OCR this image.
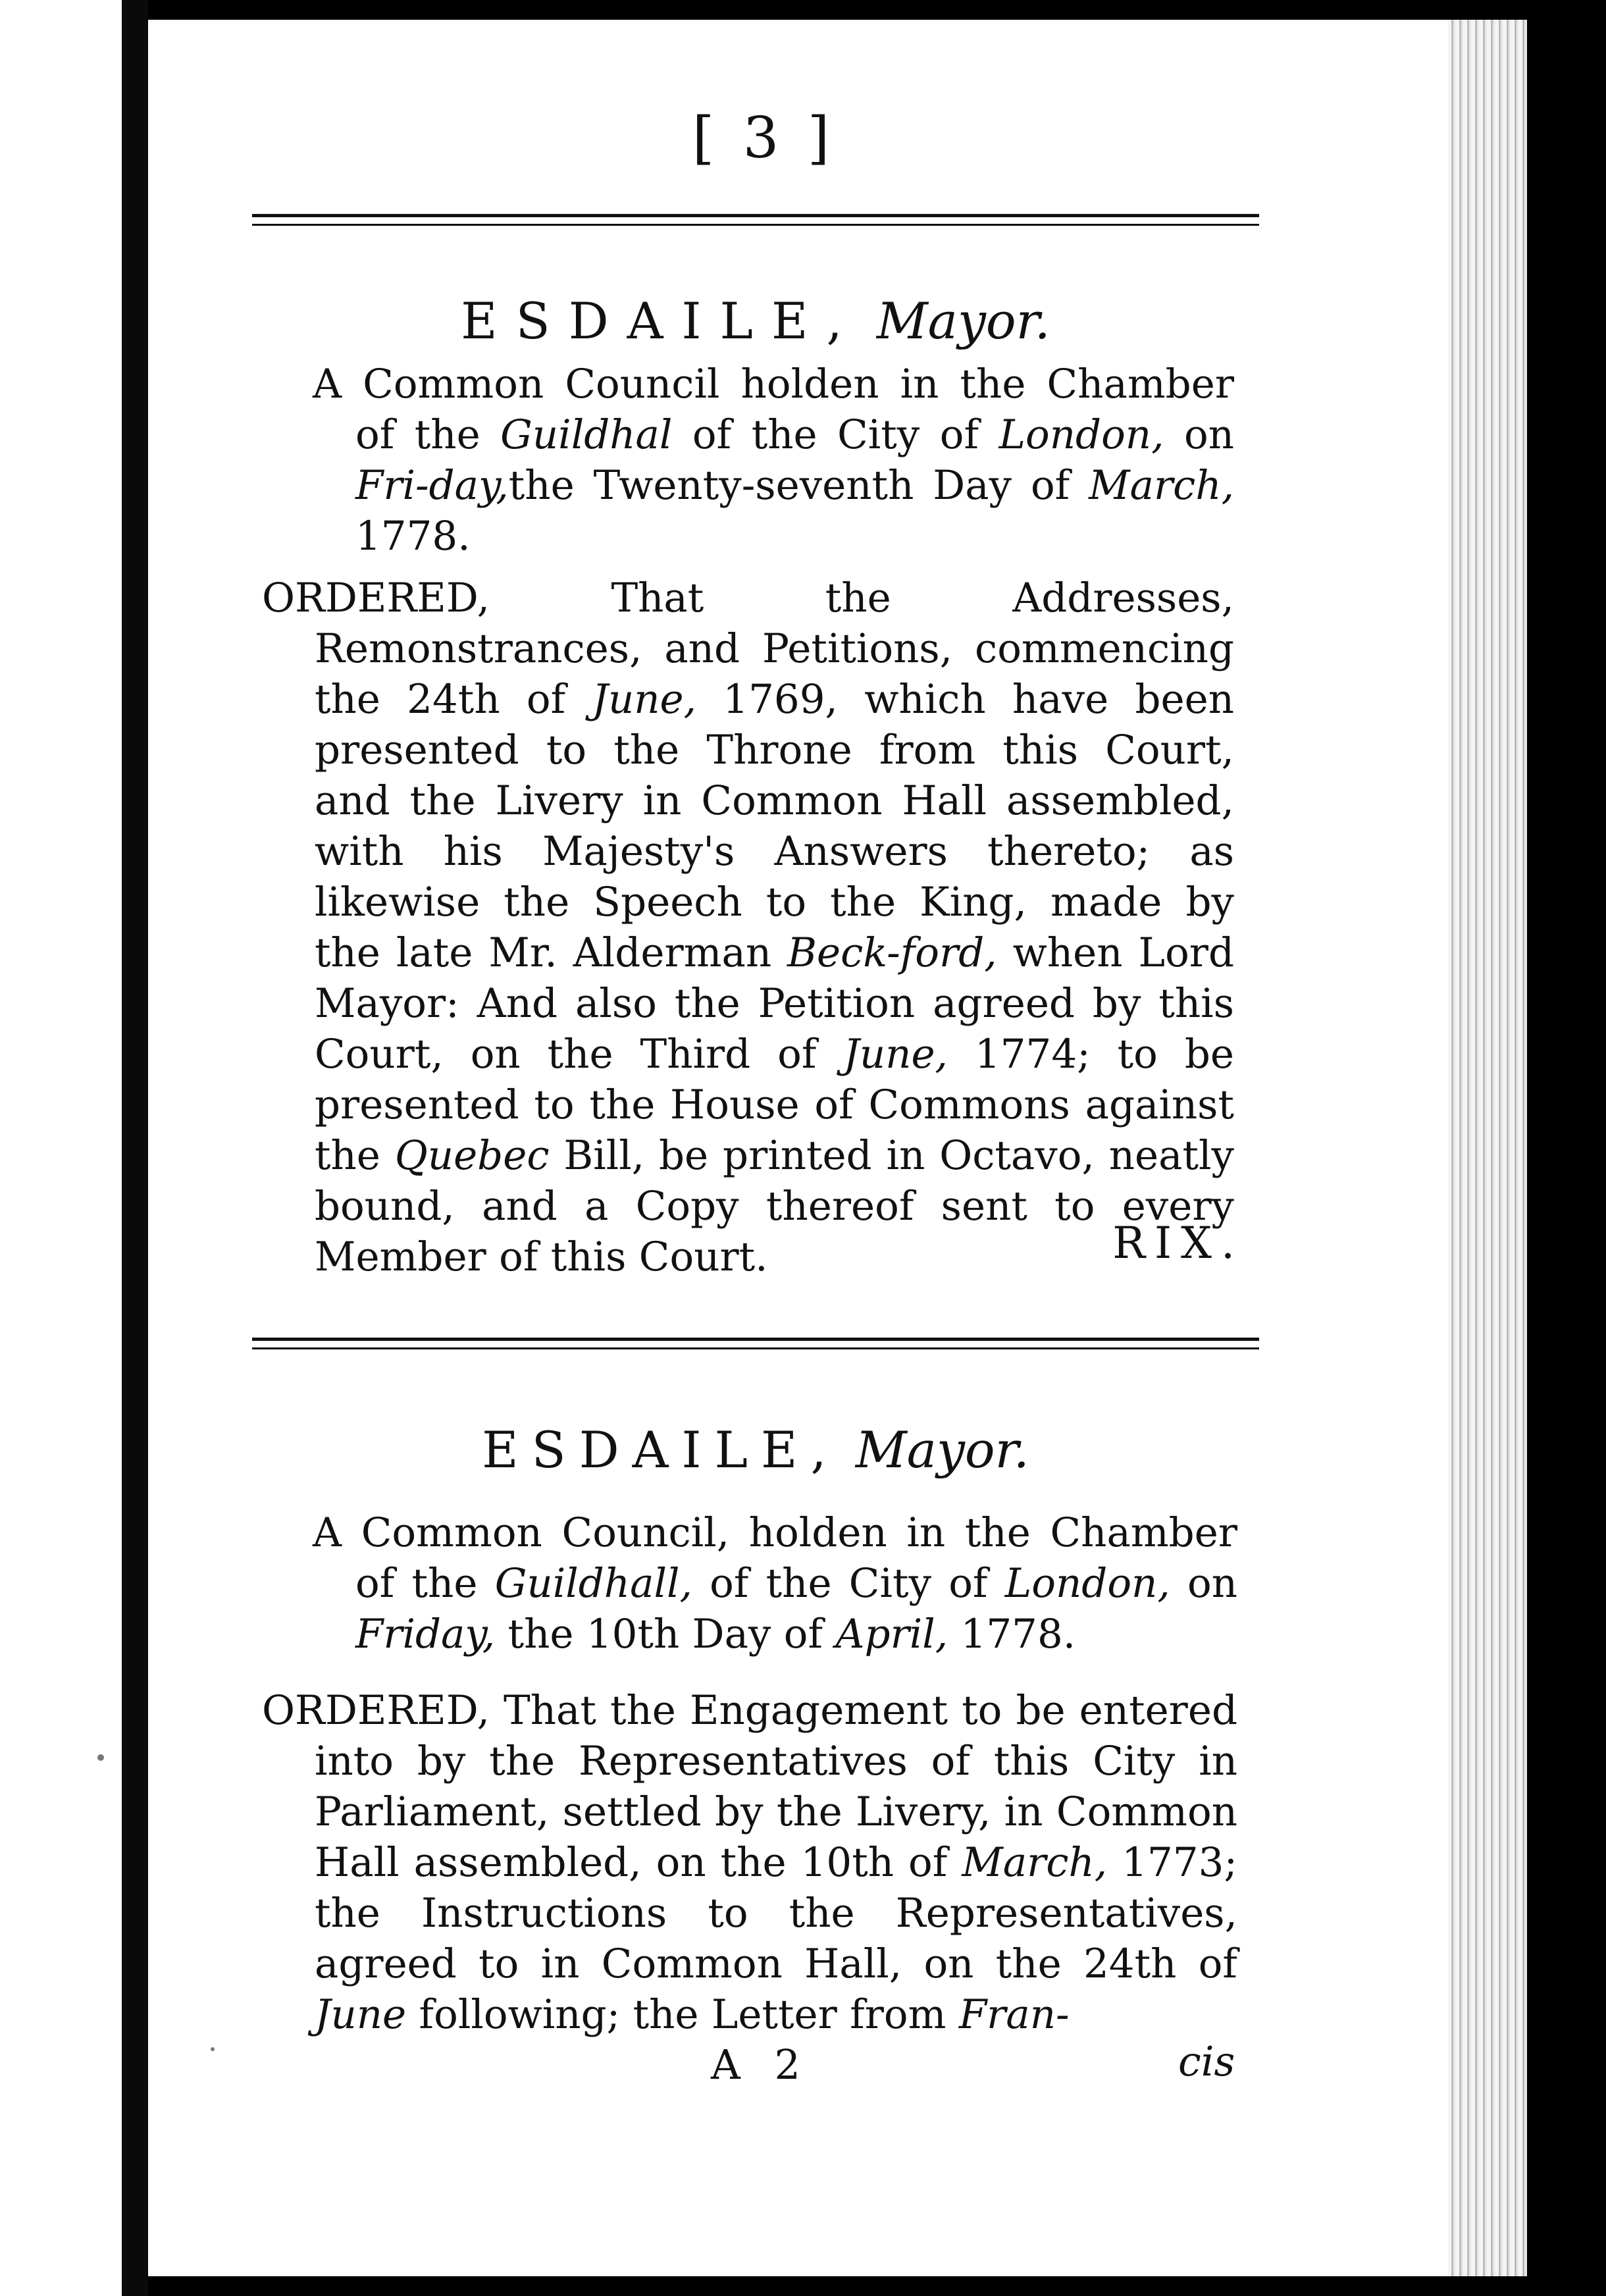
[ 3 ]
ESDAILE, Mayor.

A Common Council holden in the Chamber of the Guildhal of the City of London, on Fri-day,the Twenty-seventh Day of March, 1778.

ORDERED, That the Addresses, Remonstrances, and Petitions, commencing the 24th of June, 1769, which have been presented to the Throne from this Court, and the Livery in Common Hall assembled, with his Majesty's Answers thereto; as likewise the Speech to the King, made by the late Mr. Alderman Beck-ford, when Lord Mayor: And also the Petition agreed by this Court, on the Third of June, 1774; to be presented to the House of Commons against the Quebec Bill, be printed in Octavo, neatly bound, and a Copy thereof sent to every Member of this Court.	RIX.
ESDAILE, Mayor.

A Common Council, holden in the Chamber of the Guildhall, of the City of London, on Friday, the 10th Day of April, 1778.

ORDERED, That the Engagement to be entered into by the Representatives of this City in Parliament, settled by the Livery, in Common Hall assembled, on the 10th of March, 1773; the Instructions to the Representatives, agreed to in Common Hall, on the 24th of June following; the Letter from Fran-

A 2	cis
